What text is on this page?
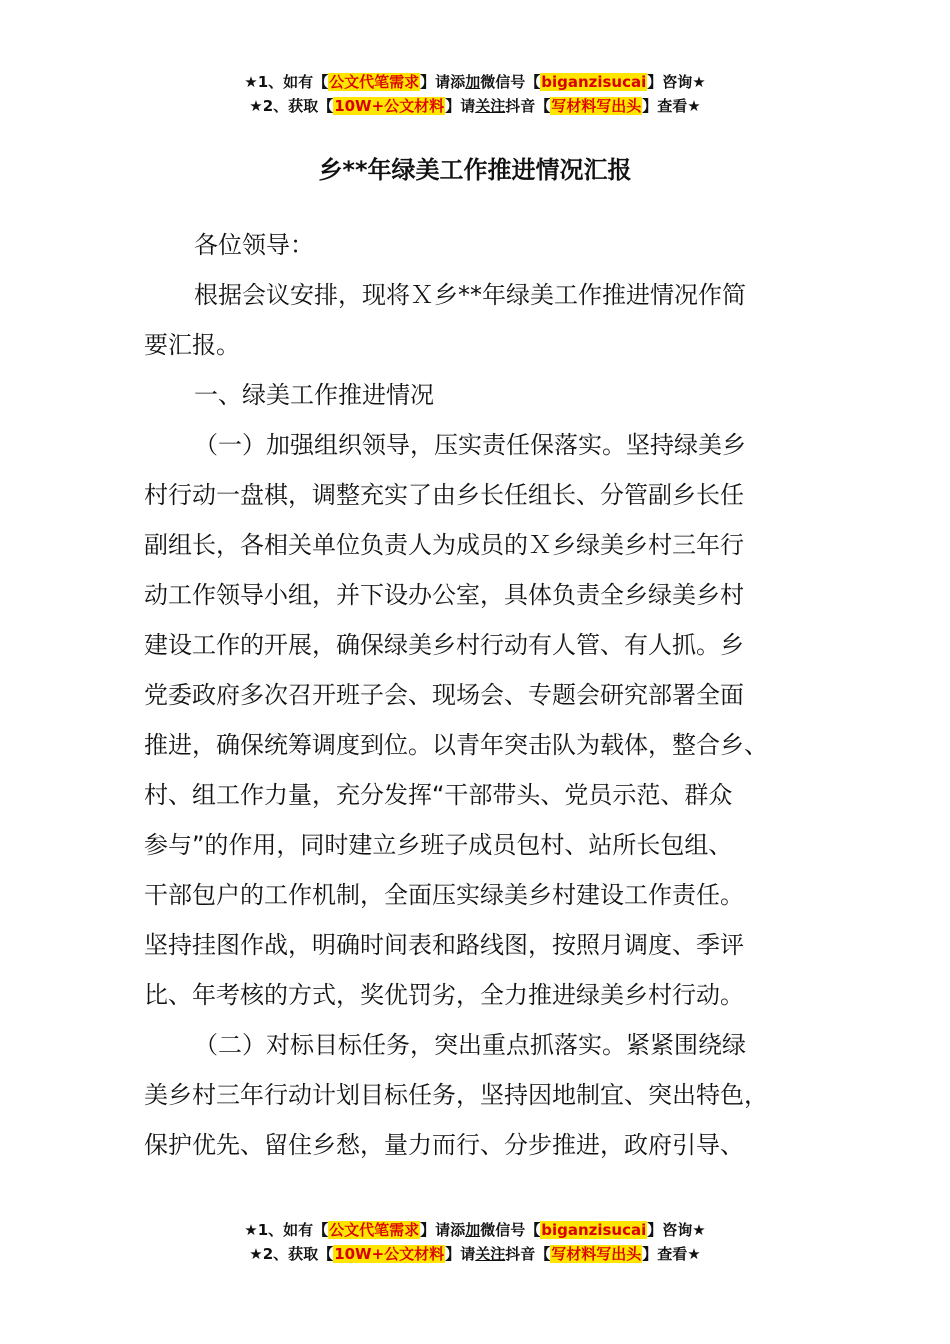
★1、如有【公文代笔需求】请添加微信号【biganzisucai】咨询★
★2、获取【10W+公文材料】请关注抖音【写材料写出头】查看★
乡**年绿美工作推进情况汇报
各位领导：
根据会议安排，现将Ｘ乡**年绿美工作推进情况作简
要汇报。
一、绿美工作推进情况
（一）加强组织领导，压实责任保落实。坚持绿美乡
村行动一盘棋，调整充实了由乡长任组长、分管副乡长任
副组长，各相关单位负责人为成员的Ｘ乡绿美乡村三年行
动工作领导小组，并下设办公室，具体负责全乡绿美乡村
建设工作的开展，确保绿美乡村行动有人管、有人抓。乡
党委政府多次召开班子会、现场会、专题会研究部署全面
推进，确保统筹调度到位。以青年突击队为载体，整合乡、
村、组工作力量，充分发挥“干部带头、党员示范、群众
参与”的作用，同时建立乡班子成员包村、站所长包组、
干部包户的工作机制，全面压实绿美乡村建设工作责任。
坚持挂图作战，明确时间表和路线图，按照月调度、季评
比、年考核的方式，奖优罚劣，全力推进绿美乡村行动。
（二）对标目标任务，突出重点抓落实。紧紧围绕绿
美乡村三年行动计划目标任务，坚持因地制宜、突出特色，
保护优先、留住乡愁，量力而行、分步推进，政府引导、
★1、如有【公文代笔需求】请添加微信号【biganzisucai】咨询★
★2、获取【10W+公文材料】请关注抖音【写材料写出头】查看★
